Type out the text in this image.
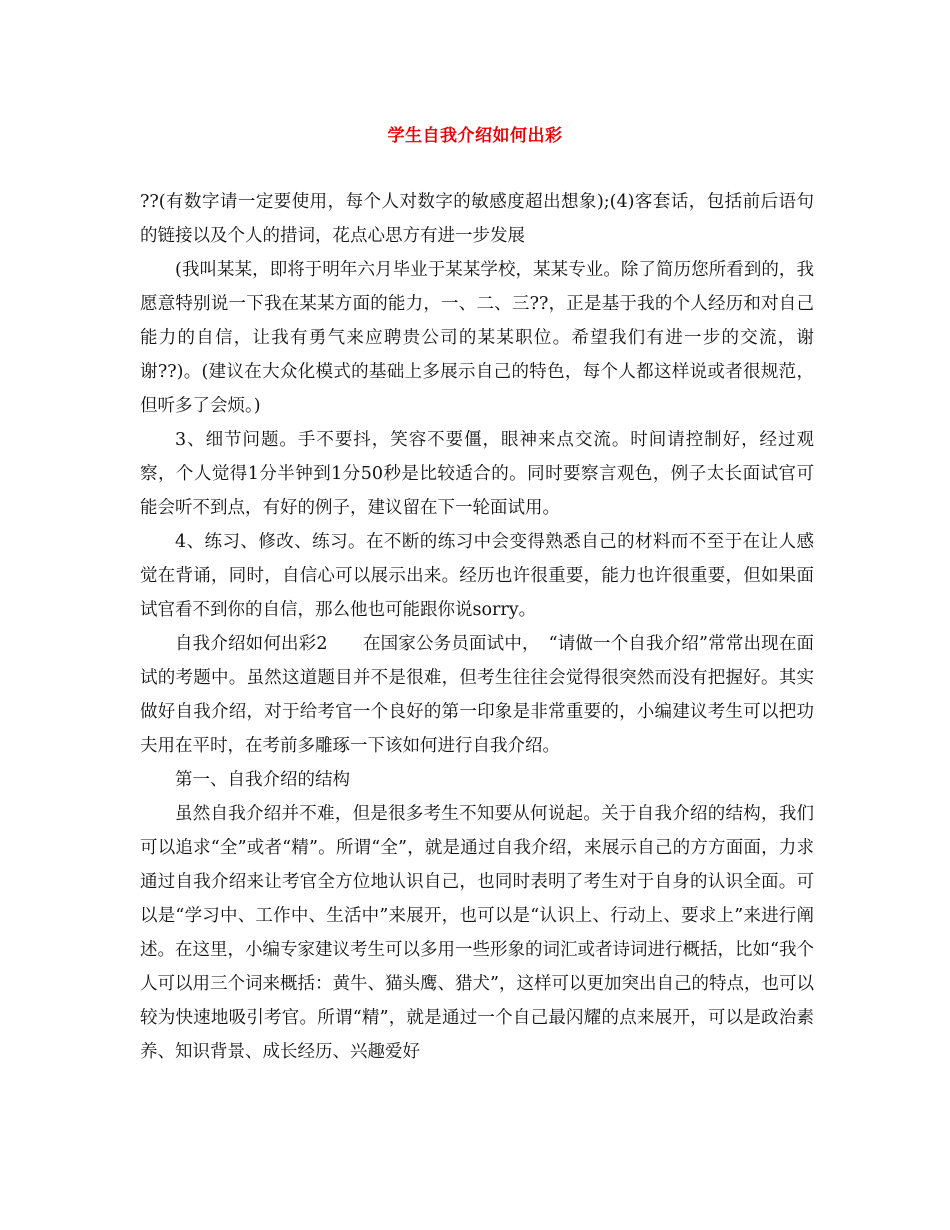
学生自我介绍如何出彩

??(有数字请一定要使用，每个人对数字的敏感度超出想象);(4)客套话，包括前后语句的链接以及个人的措词，花点心思方有进一步发展

(我叫某某，即将于明年六月毕业于某某学校，某某专业。除了简历您所看到的，我愿意特别说一下我在某某方面的能力，一、二、三??，正是基于我的个人经历和对自己能力的自信，让我有勇气来应聘贵公司的某某职位。希望我们有进一步的交流，谢谢??)。(建议在大众化模式的基础上多展示自己的特色，每个人都这样说或者很规范，但听多了会烦。)

3、细节问题。手不要抖，笑容不要僵，眼神来点交流。时间请控制好，经过观察，个人觉得1分半钟到1分50秒是比较适合的。同时要察言观色，例子太长面试官可能会听不到点，有好的例子，建议留在下一轮面试用。

4、练习、修改、练习。在不断的练习中会变得熟悉自己的材料而不至于在让人感觉在背诵，同时，自信心可以展示出来。经历也许很重要，能力也许很重要，但如果面试官看不到你的自信，那么他也可能跟你说sorry。

自我介绍如何出彩2　　在国家公务员面试中，　“请做一个自我介绍”常常出现在面试的考题中。虽然这道题目并不是很难，但考生往往会觉得很突然而没有把握好。其实做好自我介绍，对于给考官一个良好的第一印象是非常重要的，小编建议考生可以把功夫用在平时，在考前多雕琢一下该如何进行自我介绍。

第一、自我介绍的结构

虽然自我介绍并不难，但是很多考生不知要从何说起。关于自我介绍的结构，我们可以追求“全”或者“精”。所谓“全”，就是通过自我介绍，来展示自己的方方面面，力求通过自我介绍来让考官全方位地认识自己，也同时表明了考生对于自身的认识全面。可以是“学习中、工作中、生活中”来展开，也可以是“认识上、行动上、要求上”来进行阐述。在这里，小编专家建议考生可以多用一些形象的词汇或者诗词进行概括，比如“我个人可以用三个词来概括：黄牛、猫头鹰、猎犬”，这样可以更加突出自己的特点，也可以较为快速地吸引考官。所谓“精”，就是通过一个自己最闪耀的点来展开，可以是政治素养、知识背景、成长经历、兴趣爱好
